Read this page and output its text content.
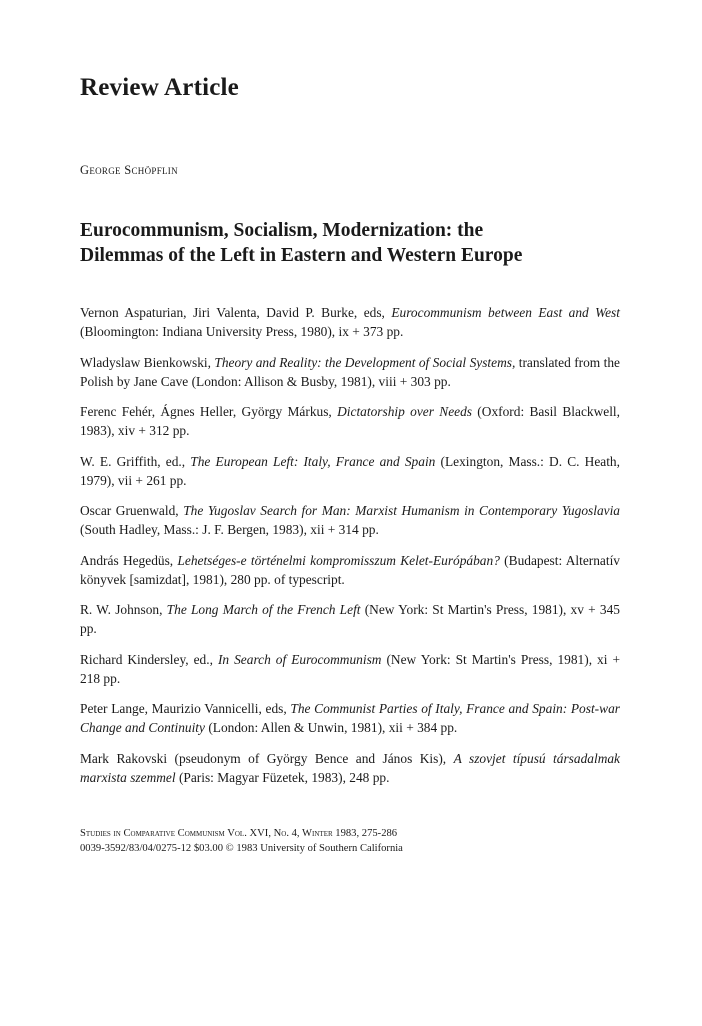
Review Article
George Schöpflin
Eurocommunism, Socialism, Modernization: the
Dilemmas of the Left in Eastern and Western Europe

Vernon Aspaturian, Jiri Valenta, David P. Burke, eds, Eurocommunism between East and West (Bloomington: Indiana University Press, 1980), ix + 373 pp.

Wladyslaw Bienkowski, Theory and Reality: the Development of Social Systems, translated from the Polish by Jane Cave (London: Allison & Busby, 1981), viii + 303 pp.

Ferenc Fehér, Ágnes Heller, György Márkus, Dictatorship over Needs (Oxford: Basil Blackwell, 1983), xiv + 312 pp.

W. E. Griffith, ed., The European Left: Italy, France and Spain (Lexington, Mass.: D. C. Heath, 1979), vii + 261 pp.

Oscar Gruenwald, The Yugoslav Search for Man: Marxist Humanism in Contemporary Yugoslavia (South Hadley, Mass.: J. F. Bergen, 1983), xii + 314 pp.

András Hegedüs, Lehetséges-e történelmi kompromisszum Kelet-Európában? (Budapest: Alternatív könyvek [samizdat], 1981), 280 pp. of typescript.

R. W. Johnson, The Long March of the French Left (New York: St Martin's Press, 1981), xv + 345 pp.

Richard Kindersley, ed., In Search of Eurocommunism (New York: St Martin's Press, 1981), xi + 218 pp.

Peter Lange, Maurizio Vannicelli, eds, The Communist Parties of Italy, France and Spain: Post-war Change and Continuity (London: Allen & Unwin, 1981), xii + 384 pp.

Mark Rakovski (pseudonym of György Bence and János Kis), A szovjet típusú társadalmak marxista szemmel (Paris: Magyar Füzetek, 1983), 248 pp.

Studies in Comparative Communism Vol. XVI, No. 4, Winter 1983, 275-286
0039-3592/83/04/0275-12 $03.00 © 1983 University of Southern California
